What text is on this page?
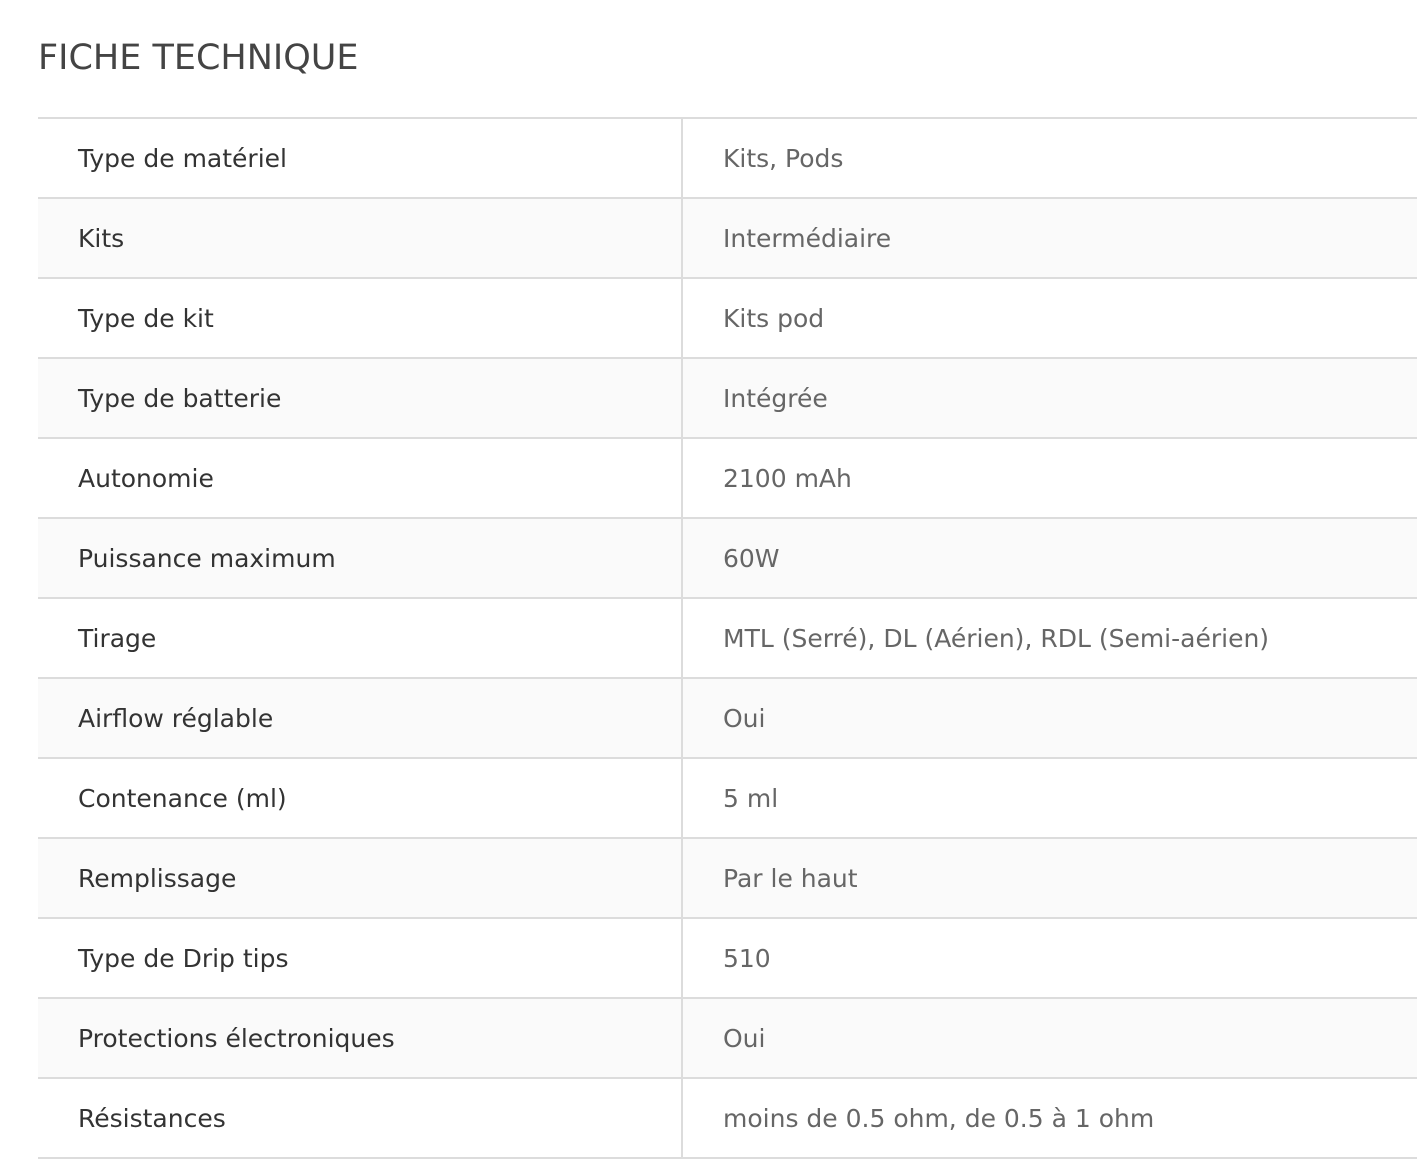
FICHE TECHNIQUE
Type de matériel	Kits, Pods
Kits	Intermédiaire
Type de kit	Kits pod
Type de batterie	Intégrée
Autonomie	2100 mAh
Puissance maximum	60W
Tirage	MTL (Serré), DL (Aérien), RDL (Semi-aérien)
Airflow réglable	Oui
Contenance (ml)	5 ml
Remplissage	Par le haut
Type de Drip tips	510
Protections électroniques	Oui
Résistances	moins de 0.5 ohm, de 0.5 à 1 ohm
